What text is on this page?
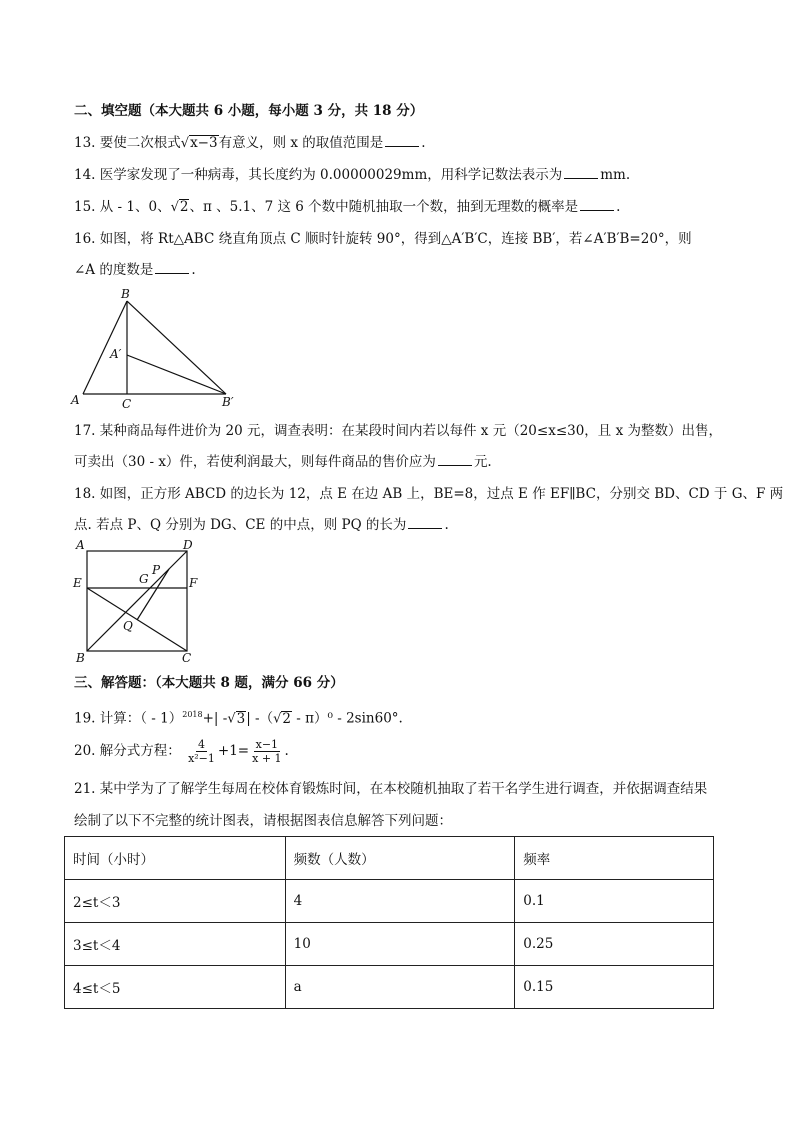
二、填空题（本大题共 6 小题，每小题 3 分，共 18 分）
13. 要使二次根式√x−3有意义，则 x 的取值范围是	.
14. 医学家发现了一种病毒，其长度约为 0.00000029mm，用科学记数法表示为	mm.
15. 从 - 1、0、√2、π 、5.1、7 这 6 个数中随机抽取一个数，抽到无理数的概率是	.
16. 如图，将 Rt△ABC 绕直角顶点 C 顺时针旋转 90°，得到△A′B′C，连接 BB′，若∠A′B′B=20°，则
∠A 的度数是	.
B
A′
A	C	B′
17. 某种商品每件进价为 20 元，调查表明：在某段时间内若以每件 x 元（20≤x≤30，且 x 为整数）出售，
可卖出（30 - x）件，若使利润最大，则每件商品的售价应为	元.
18. 如图，正方形 ABCD 的边长为 12，点 E 在边 AB 上，BE=8，过点 E 作 EF∥BC，分别交 BD、CD 于 G、F 两
点. 若点 P、Q 分别为 DG、CE 的中点，则 PQ 的长为	.
A	D
E	F
G
P
Q
B	C
三、解答题：（本大题共 8 题，满分 66 分）
19. 计算：（ - 1）$^{2018}$+| -√3| -（√2 - π）⁰ - 2sin60°.
20. 解分式方程： $\frac{4}{\text{x²−1}} +1= \frac{x-1}{x + 1}$ .
21. 某中学为了了解学生每周在校体育锻炼时间，在本校随机抽取了若干名学生进行调查，并依据调查结果
绘制了以下不完整的统计图表，请根据图表信息解答下列问题：
时间（小时）	频数（人数）	频率
2≤t＜3	4	0.1
3≤t＜4	10	0.25
4≤t＜5	a	0.15
